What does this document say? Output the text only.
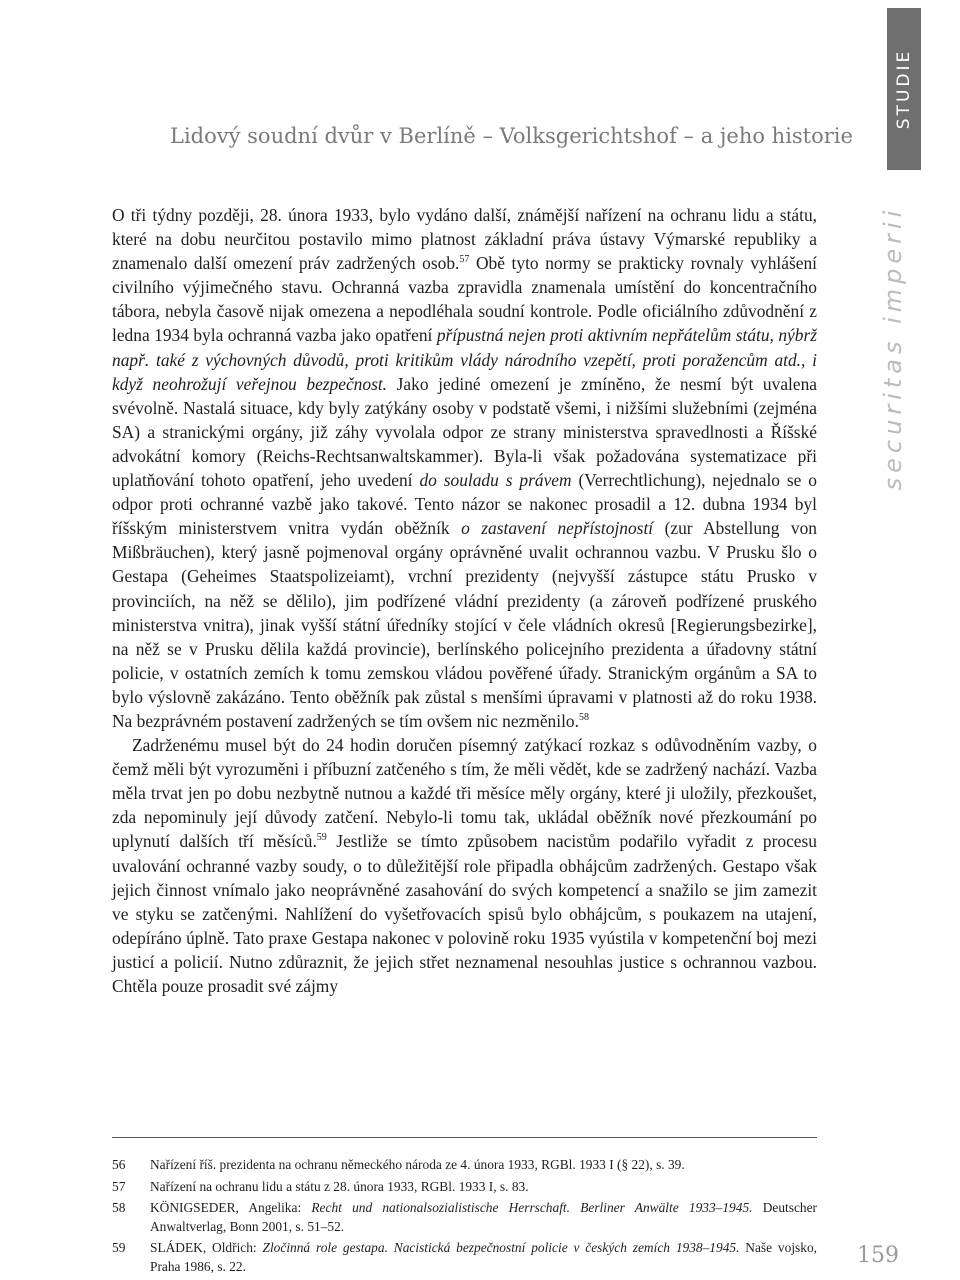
STUDIE
Lidový soudní dvůr v Berlíně – Volksgerichtshof – a jeho historie
securitas imperii

O tři týdny později, 28. února 1933, bylo vydáno další, známější nařízení na ochranu lidu a státu, které na dobu neurčitou postavilo mimo platnost základní práva ústavy Výmarské republiky a znamenalo další omezení práv zadržených osob.$^{57}$ Obě tyto normy se prakticky rovnaly vyhlášení civilního výjimečného stavu. Ochranná vazba zpravidla znamenala umístění do koncentračního tábora, nebyla časově nijak omezena a nepodléhala soudní kontrole. Podle oficiálního zdůvodnění z ledna 1934 byla ochranná vazba jako opatření přípustná nejen proti aktivním nepřátelům státu, nýbrž např. také z výchovných důvodů, proti kritikům vlády národního vzepětí, proti poražencům atd., i když neohrožují veřejnou bezpečnost. Jako jediné omezení je zmíněno, že nesmí být uvalena svévolně. Nastalá situace, kdy byly zatýkány osoby v podstatě všemi, i nižšími služebními (zejména SA) a stranickými orgány, již záhy vyvolala odpor ze strany ministerstva spravedlnosti a Říšské advokátní komory (Reichs-Rechtsanwaltskammer). Byla-li však požadována systematizace při uplatňování tohoto opatření, jeho uvedení do souladu s právem (Verrechtlichung), nejednalo se o odpor proti ochranné vazbě jako takové. Tento názor se nakonec prosadil a 12. dubna 1934 byl říšským ministerstvem vnitra vydán oběžník o zastavení nepřístojností (zur Abstellung von Mißbräuchen), který jasně pojmenoval orgány oprávněné uvalit ochrannou vazbu. V Prusku šlo o Gestapa (Geheimes Staatspolizeiamt), vrchní prezidenty (nejvyšší zástupce státu Prusko v provinciích, na něž se dělilo), jim podřízené vládní prezidenty (a zároveň podřízené pruského ministerstva vnitra), jinak vyšší státní úředníky stojící v čele vládních okresů [Regierungsbezirke], na něž se v Prusku dělila každá provincie), berlínského policejního prezidenta a úřadovny státní policie, v ostatních zemích k tomu zemskou vládou pověřené úřady. Stranickým orgánům a SA to bylo výslovně zakázáno. Tento oběžník pak zůstal s menšími úpravami v platnosti až do roku 1938. Na bezprávném postavení zadržených se tím ovšem nic nezměnilo.$^{58}$

Zadrženému musel být do 24 hodin doručen písemný zatýkací rozkaz s odůvodněním vazby, o čemž měli být vyrozuměni i příbuzní zatčeného s tím, že měli vědět, kde se zadržený nachází. Vazba měla trvat jen po dobu nezbytně nutnou a každé tři měsíce měly orgány, které ji uložily, přezkoušet, zda nepominuly její důvody zatčení. Nebylo-li tomu tak, ukládal oběžník nové přezkoumání po uplynutí dalších tří měsíců.$^{59}$ Jestliže se tímto způsobem nacistům podařilo vyřadit z procesu uvalování ochranné vazby soudy, o to důležitější role připadla obhájcům zadržených. Gestapo však jejich činnost vnímalo jako neoprávněné zasahování do svých kompetencí a snažilo se jim zamezit ve styku se zatčenými. Nahlížení do vyšetřovacích spisů bylo obhájcům, s poukazem na utajení, odepíráno úplně. Tato praxe Gestapa nakonec v polovině roku 1935 vyústila v kompetenční boj mezi justicí a policií. Nutno zdůraznit, že jejich střet neznamenal nesouhlas justice s ochrannou vazbou. Chtěla pouze prosadit své zájmy

56	Nařízení říš. prezidenta na ochranu německého národa ze 4. února 1933, RGBl. 1933 I (§ 22), s. 39.
57	Nařízení na ochranu lidu a státu z 28. února 1933, RGBl. 1933 I, s. 83.
58	KÖNIGSEDER, Angelika: Recht und nationalsozialistische Herrschaft. Berliner Anwälte 1933–1945. Deutscher Anwaltverlag, Bonn 2001, s. 51–52.
59	SLÁDEK, Oldřich: Zločinná role gestapa. Nacistická bezpečnostní policie v českých zemích 1938–1945. Naše vojsko, Praha 1986, s. 22.	159
